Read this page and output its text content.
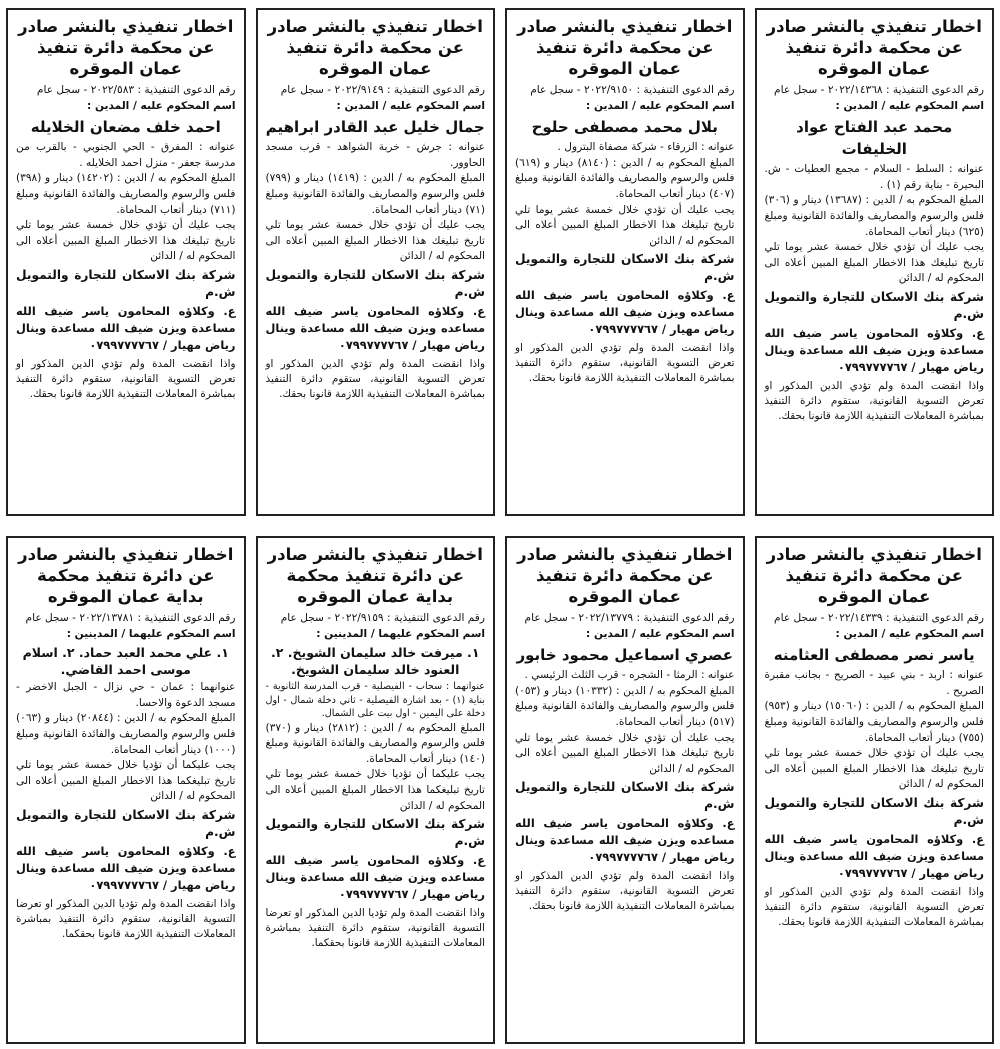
اخطار تنفيذي بالنشر صادر عن محكمة دائرة تنفيذ عمان الموقره
رقم الدعوى التنفيذية : ٢٠٢٢/١٤٣٦٨ - سجل عام
اسم المحكوم عليه / المدين :
محمد عبد الفتاح عواد الخليفات
عنوانه : السلط - السلام - مجمع العطيات - ش. البحيرة - بناية رقم (١) .
المبلغ المحكوم به / الدين : (١٣٦٨٧) دينار و (٣٠٦) فلس والرسوم والمصاريف والفائدة القانونية ومبلغ (٦٢٥) دينار أتعاب المحاماة.
يجب عليك أن تؤدي خلال خمسة عشر يوما تلي تاريخ تبليغك هذا الاخطار المبلغ المبين أعلاه الى المحكوم له / الدائن
شركة بنك الاسكان للتجارة والتمويل ش.م
ع. وكلاؤه المحامون ياسر ضيف الله مساعدة ويزن ضيف الله مساعدة وينال رياض مهيار / ٠٧٩٩٧٧٧٧٦٧
واذا انقضت المدة ولم تؤدي الدين المذكور او تعرض التسوية القانونية، ستقوم دائرة التنفيذ بمباشرة المعاملات التنفيذية اللازمة قانونا بحقك.
اخطار تنفيذي بالنشر صادر عن محكمة دائرة تنفيذ عمان الموقره
رقم الدعوى التنفيذية : ٢٠٢٢/٩١٥٠ - سجل عام
اسم المحكوم عليه / المدين :
بلال محمد مصطفى حلوح
عنوانه : الزرقاء - شركة مصفاة البترول .
المبلغ المحكوم به / الدين : (٨١٤٠) دينار و (٦١٩) فلس والرسوم والمصاريف والفائدة القانونية ومبلغ (٤٠٧) دينار أتعاب المحاماة.
يجب عليك أن تؤدي خلال خمسة عشر يوما تلي تاريخ تبليغك هذا الاخطار المبلغ المبين أعلاه الى المحكوم له / الدائن
شركة بنك الاسكان للتجارة والتمويل ش.م
ع. وكلاؤه المحامون ياسر ضيف الله مساعده ويزن ضيف الله مساعدة وينال رياض مهيار / ٠٧٩٩٧٧٧٧٦٧
واذا انقضت المدة ولم تؤدي الدين المذكور او تعرض التسوية القانونية، ستقوم دائرة التنفيذ بمباشرة المعاملات التنفيذية اللازمة قانونا بحقك.
اخطار تنفيذي بالنشر صادر عن محكمة دائرة تنفيذ عمان الموقره
رقم الدعوى التنفيذية : ٢٠٢٢/٩١٤٩ - سجل عام
اسم المحكوم عليه / المدين :
جمال خليل عبد القادر ابراهيم
عنوانه : جرش - خربة الشواهد - قرب مسجد الحاوور.
المبلغ المحكوم به / الدين : (١٤١٩) دينار و (٧٩٩) فلس والرسوم والمصاريف والفائدة القانونية ومبلغ (٧١) دينار أتعاب المحاماة.
يجب عليك أن تؤدي خلال خمسة عشر يوما تلي تاريخ تبليغك هذا الاخطار المبلغ المبين أعلاه الى المحكوم له / الدائن
شركة بنك الاسكان للتجارة والتمويل ش.م
ع. وكلاؤه المحامون ياسر ضيف الله مساعده ويزن ضيف الله مساعدة وينال رياض مهيار / ٠٧٩٩٧٧٧٧٦٧
واذا انقضت المدة ولم تؤدي الدين المذكور او تعرض التسوية القانونية، ستقوم دائرة التنفيذ بمباشرة المعاملات التنفيذية اللازمة قانونا بحقك.
اخطار تنفيذي بالنشر صادر عن محكمة دائرة تنفيذ عمان الموقره
رقم الدعوى التنفيذية : ٢٠٢٢/٥٨٣ - سجل عام
اسم المحكوم عليه / المدين :
احمد خلف مضعان الخلايله
عنوانه : المفرق - الحي الجنوبي - بالقرب من مدرسة جعفر - منزل احمد الخلايله .
المبلغ المحكوم به / الدين : (١٤٢٠٢) دينار و (٣٩٨) فلس والرسوم والمصاريف والفائدة القانونية ومبلغ (٧١١) دينار أتعاب المحاماة.
يجب عليك أن تؤدي خلال خمسة عشر يوما تلي تاريخ تبليغك هذا الاخطار المبلغ المبين أعلاه الى المحكوم له / الدائن
شركة بنك الاسكان للتجارة والتمويل ش.م
ع. وكلاؤه المحامون ياسر ضيف الله مساعدة ويزن ضيف الله مساعدة وينال رياض مهيار / ٠٧٩٩٧٧٧٧٦٧
واذا انقضت المدة ولم تؤدي الدين المذكور او تعرض التسوية القانونية، ستقوم دائرة التنفيذ بمباشرة المعاملات التنفيذية اللازمة قانونا بحقك.
اخطار تنفيذي بالنشر صادر عن محكمة دائرة تنفيذ عمان الموقره
رقم الدعوى التنفيذية : ٢٠٢٢/١٤٣٣٩ - سجل عام
اسم المحكوم عليه / المدين :
ياسر نصر مصطفى العثامنه
عنوانه : اربد - بني عبيد - الصريح - بجانب مقبرة الصريح .
المبلغ المحكوم به / الدين : (١٥٠٦٠) دينار و (٩٥٣) فلس والرسوم والمصاريف والفائدة القانونية ومبلغ (٧٥٥) دينار أتعاب المحاماة.
يجب عليك أن تؤدي خلال خمسة عشر يوما تلي تاريخ تبليغك هذا الاخطار المبلغ المبين أعلاه الى المحكوم له / الدائن
شركة بنك الاسكان للتجارة والتمويل ش.م
ع. وكلاؤه المحامون ياسر ضيف الله مساعدة ويزن ضيف الله مساعدة وينال رياض مهيار / ٠٧٩٩٧٧٧٧٦٧
واذا انقضت المدة ولم تؤدي الدين المذكور او تعرض التسوية القانونية، ستقوم دائرة التنفيذ بمباشرة المعاملات التنفيذية اللازمة قانونا بحقك.
اخطار تنفيذي بالنشر صادر عن محكمة دائرة تنفيذ عمان الموقره
رقم الدعوى التنفيذية : ٢٠٢٢/١٣٧٧٩ - سجل عام
اسم المحكوم عليه / المدين :
عصري اسماعيل محمود خابور
عنوانه : الرمثا - الشجره - قرب الثلث الرئيسي .
المبلغ المحكوم به / الدين : (١٠٣٣٢) دينار و (٠٥٣) فلس والرسوم والمصاريف والفائدة القانونية ومبلغ (٥١٧) دينار أتعاب المحاماة.
يجب عليك أن تؤدي خلال خمسة عشر يوما تلي تاريخ تبليغك هذا الاخطار المبلغ المبين أعلاه الى المحكوم له / الدائن
شركة بنك الاسكان للتجارة والتمويل ش.م
ع. وكلاؤه المحامون ياسر ضيف الله مساعده ويزن ضيف الله مساعدة وينال رياض مهيار / ٠٧٩٩٧٧٧٧٦٧
واذا انقضت المدة ولم تؤدي الدين المذكور او تعرض التسوية القانونية، ستقوم دائرة التنفيذ بمباشرة المعاملات التنفيذية اللازمة قانونا بحقك.
اخطار تنفيذي بالنشر صادر عن دائرة تنفيذ محكمة بداية عمان الموقره
رقم الدعوى التنفيذية : ٢٠٢٢/٩١٥٩ - سجل عام
اسم المحكوم عليهما / المدينين :
١. ميرفت خالد سليمان الشويخ. ٢. العنود خالد سليمان الشويخ.
عنوانهما : سحاب - الفيصلية - قرب المدرسة الثانوية - بناية (١) - بعد اشارة الفيصلية - ثاني دخلة شمال - اول دخلة على اليمين - اول بيت على الشمال.
المبلغ المحكوم به / الدين : (٢٨١٢) دينار و (٣٧٠) فلس والرسوم والمصاريف والفائدة القانونية ومبلغ (١٤٠) دينار أتعاب المحاماة.
يجب عليكما أن تؤديا خلال خمسة عشر يوما تلي تاريخ تبليغكما هذا الاخطار المبلغ المبين أعلاه الى المحكوم له / الدائن
شركة بنك الاسكان للتجارة والتمويل ش.م
ع. وكلاؤه المحامون ياسر ضيف الله مساعده ويزن ضيف الله مساعدة وينال رياض مهيار / ٠٧٩٩٧٧٧٧٦٧
واذا انقضت المدة ولم تؤديا الدين المذكور او تعرضا التسوية القانونية، ستقوم دائرة التنفيذ بمباشرة المعاملات التنفيذية اللازمة قانونا بحقكما.
اخطار تنفيذي بالنشر صادر عن دائرة تنفيذ محكمة بداية عمان الموقره
رقم الدعوى التنفيذية : ٢٠٢٢/١٣٧٨١ - سجل عام
اسم المحكوم عليهما / المدينين :
١. علي محمد العبد حماد. ٢. اسلام موسى احمد القاضي.
عنوانهما : عمان - حي نزال - الجبل الاخضر - مسجد الدعوة والاحسا.
المبلغ المحكوم به / الدين : (٢٠٨٤٤) دينار و (٠٦٣) فلس والرسوم والمصاريف والفائدة القانونية ومبلغ (١٠٠٠) دينار أتعاب المحاماة.
يجب عليكما أن تؤديا خلال خمسة عشر يوما تلي تاريخ تبليغكما هذا الاخطار المبلغ المبين أعلاه الى المحكوم له / الدائن
شركة بنك الاسكان للتجارة والتمويل ش.م
ع. وكلاؤه المحامون ياسر ضيف الله مساعدة ويزن ضيف الله مساعدة وينال رياض مهيار / ٠٧٩٩٧٧٧٧٦٧
واذا انقضت المدة ولم تؤديا الدين المذكور او تعرضا التسوية القانونية، ستقوم دائرة التنفيذ بمباشرة المعاملات التنفيذية اللازمة قانونا بحقكما.
